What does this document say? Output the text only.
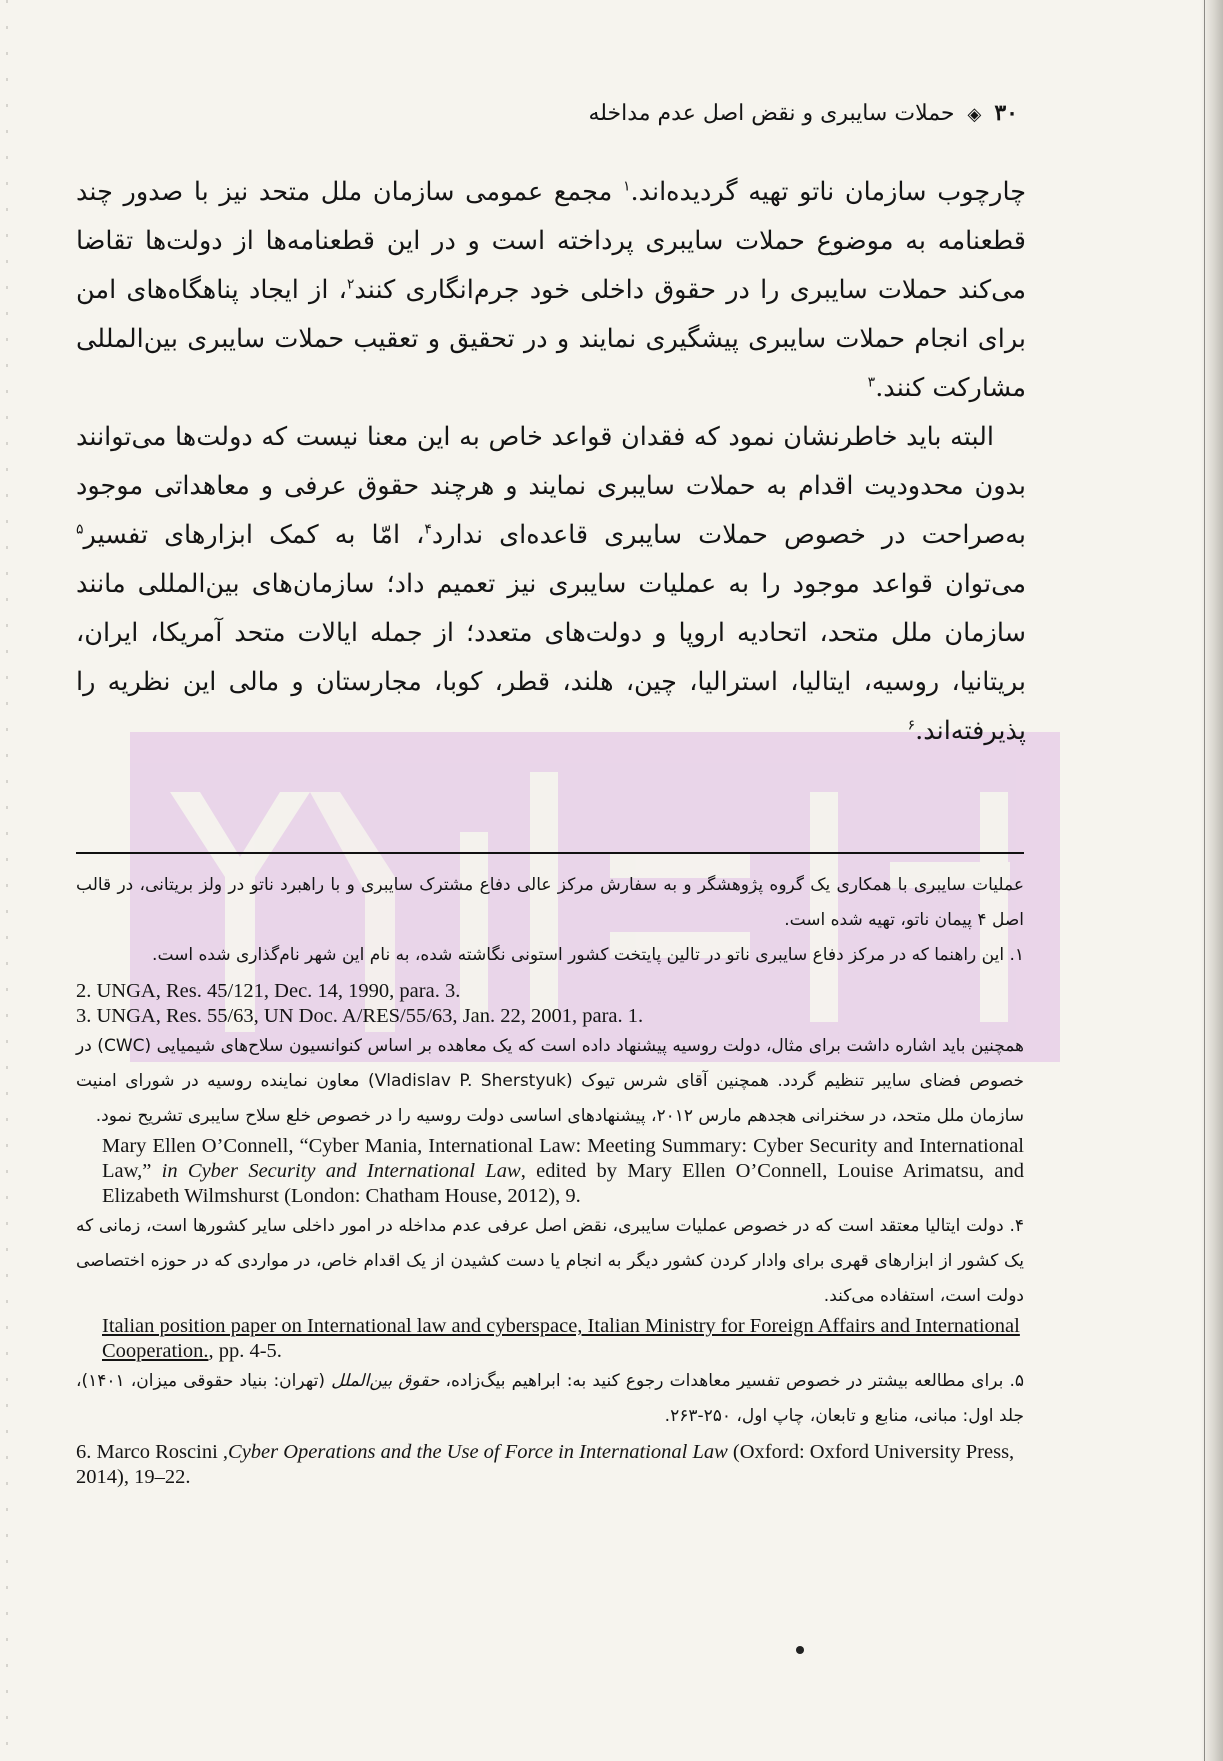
۳۰ ◈ حملات سایبری و نقض اصل عدم مداخله

چارچوب سازمان ناتو تهیه گردیده‌اند.$^۱$ مجمع عمومی سازمان ملل متحد نیز با صدور چند قطعنامه به موضوع حملات سایبری پرداخته است و در این قطعنامه‌ها از دولت‌ها تقاضا می‌کند حملات سایبری را در حقوق داخلی خود جرم‌انگاری کنند$^۲$، از ایجاد پناهگاه‌های امن برای انجام حملات سایبری پیشگیری نمایند و در تحقیق و تعقیب حملات سایبری بین‌المللی مشارکت کنند.$^۳$

البته باید خاطرنشان نمود که فقدان قواعد خاص به این معنا نیست که دولت‌ها می‌توانند بدون محدودیت اقدام به حملات سایبری نمایند و هرچند حقوق عرفی و معاهداتی موجود به‌صراحت در خصوص حملات سایبری قاعده‌ای ندارد$^۴$، امّا به کمک ابزارهای تفسیر$^۵$ می‌توان قواعد موجود را به عملیات سایبری نیز تعمیم داد؛ سازمان‌های بین‌المللی مانند سازمان ملل متحد، اتحادیه اروپا و دولت‌های متعدد؛ از جمله ایالات متحد آمریکا، ایران، بریتانیا، روسیه، ایتالیا، استرالیا، چین، هلند، قطر، کوبا، مجارستان و مالی این نظریه را پذیرفته‌اند.$^۶$

عملیات سایبری با همکاری یک گروه پژوهشگر و به سفارش مرکز عالی دفاع مشترک سایبری و با راهبرد ناتو در ولز بریتانی، در قالب اصل ۴ پیمان ناتو، تهیه شده است.

۱. این راهنما که در مرکز دفاع سایبری ناتو در تالین پایتخت کشور استونی نگاشته شده، به نام این شهر نام‌گذاری شده است.

2. UNGA, Res. 45/121, Dec. 14, 1990, para. 3.

3. UNGA, Res. 55/63, UN Doc. A/RES/55/63, Jan. 22, 2001, para. 1.

همچنین باید اشاره داشت برای مثال، دولت روسیه پیشنهاد داده است که یک معاهده بر اساس کنوانسیون سلاح‌های شیمیایی (CWC) در خصوص فضای سایبر تنظیم گردد. همچنین آقای شرس تیوک (Vladislav P. Sherstyuk) معاون نماینده روسیه در شورای امنیت سازمان ملل متحد، در سخنرانی هجدهم مارس ۲۰۱۲، پیشنهادهای اساسی دولت روسیه را در خصوص خلع سلاح سایبری تشریح نمود.

Mary Ellen O’Connell, “Cyber Mania, International Law: Meeting Summary: Cyber Security and International Law,” in Cyber Security and International Law, edited by Mary Ellen O’Connell, Louise Arimatsu, and Elizabeth Wilmshurst (London: Chatham House, 2012), 9.

۴. دولت ایتالیا معتقد است که در خصوص عملیات سایبری، نقض اصل عرفی عدم مداخله در امور داخلی سایر کشورها است، زمانی که یک کشور از ابزارهای قهری برای وادار کردن کشور دیگر به انجام یا دست کشیدن از یک اقدام خاص، در مواردی که در حوزه اختصاصی دولت است، استفاده می‌کند.

Italian position paper on International law and cyberspace, Italian Ministry for Foreign Affairs and International Cooperation., pp. 4-5.

۵. برای مطالعه بیشتر در خصوص تفسیر معاهدات رجوع کنید به: ابراهیم بیگ‌زاده، حقوق بین‌الملل (تهران: بنیاد حقوقی میزان، ۱۴۰۱)، جلد اول: مبانی، منابع و تابعان، چاپ اول، ۲۵۰-۲۶۳.

6. Marco Roscini ,Cyber Operations and the Use of Force in International Law (Oxford: Oxford University Press, 2014), 19–22.
